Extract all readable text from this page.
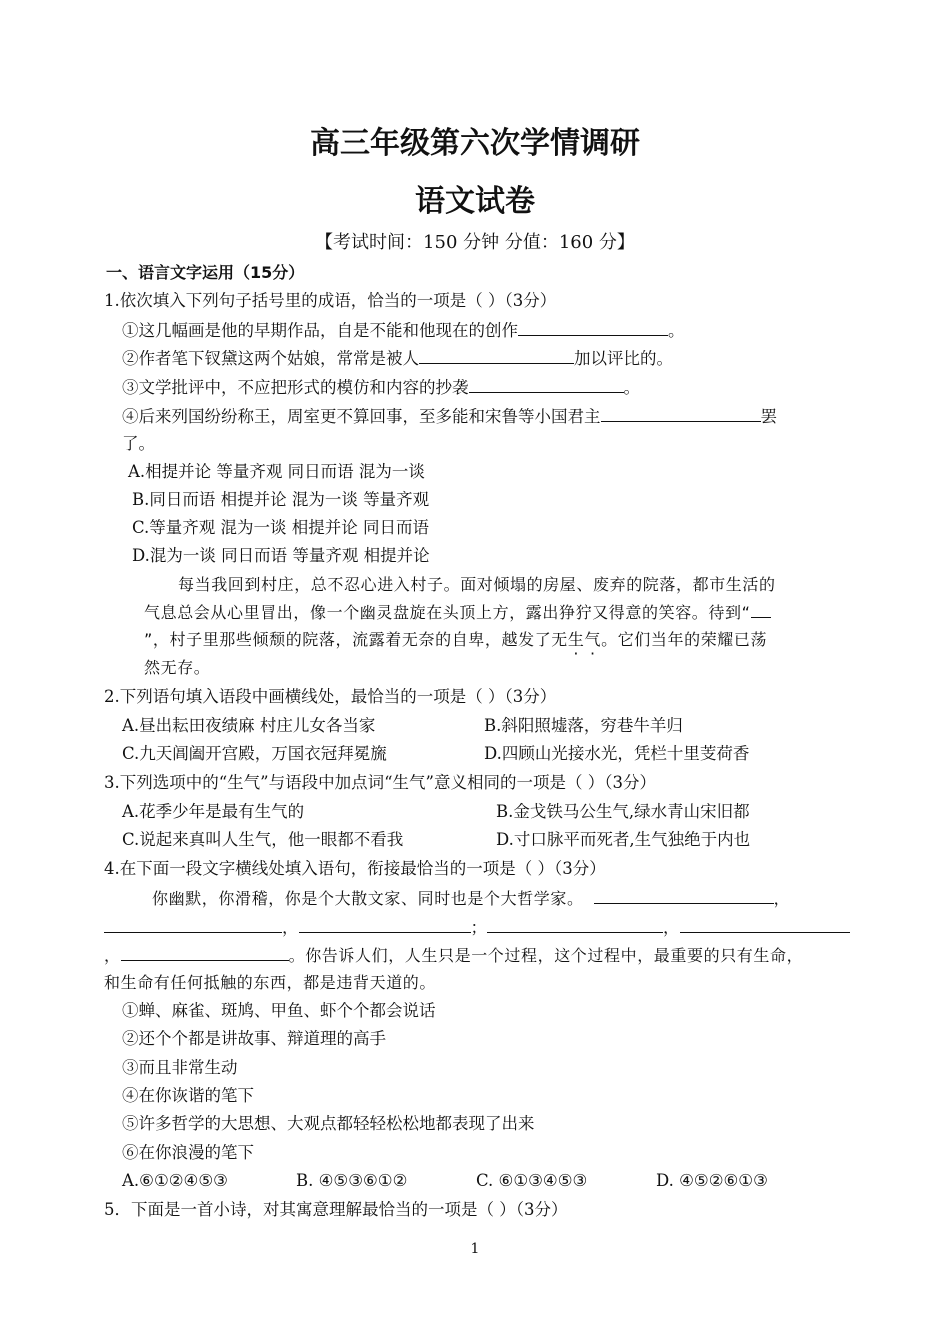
高三年级第六次学情调研
语文试卷
【考试时间：150 分钟 分值：160 分】
一、语言文字运用（15分）
1.依次填入下列句子括号里的成语，恰当的一项是（ ）（3分）
①这几幅画是他的早期作品，自是不能和他现在的创作	。
②作者笔下钗黛这两个姑娘，常常是被人	加以评比的。
③文学批评中，不应把形式的模仿和内容的抄袭	。
④后来列国纷纷称王，周室更不算回事，至多能和宋鲁等小国君主	罢
了。
A.相提并论 等量齐观 同日而语 混为一谈
B.同日而语 相提并论 混为一谈 等量齐观
C.等量齐观 混为一谈 相提并论 同日而语
D.混为一谈 同日而语 等量齐观 相提并论
每当我回到村庄，总不忍心进入村子。面对倾塌的房屋、废弃的院落，都市生活的
气息总会从心里冒出，像一个幽灵盘旋在头顶上方，露出狰狞又得意的笑容。待到“
”，村子里那些倾颓的院落，流露着无奈的自卑，越发了无生气。它们当年的荣耀已荡
然无存。
2.下列语句填入语段中画横线处，最恰当的一项是（ ）（3分）
A.昼出耘田夜绩麻 村庄儿女各当家	B.斜阳照墟落，穷巷牛羊归
C.九天阊阖开宫殿，万国衣冠拜冕旒	D.四顾山光接水光，凭栏十里芰荷香
3.下列选项中的“生气”与语段中加点词“生气”意义相同的一项是（ ）（3分）
A.花季少年是最有生气的	B.金戈铁马公生气,绿水青山宋旧都
C.说起来真叫人生气，他一眼都不看我	D.寸口脉平而死者,生气独绝于内也
4.在下面一段文字横线处填入语句，衔接最恰当的一项是（ ）（3分）
你幽默，你滑稽，你是个大散文家、同时也是个大哲学家。	，
，	；	，
，	。你告诉人们，人生只是一个过程，这个过程中，最重要的只有生命，
和生命有任何抵触的东西，都是违背天道的。
①蝉、麻雀、斑鸠、甲鱼、虾个个都会说话
②还个个都是讲故事、辩道理的高手
③而且非常生动
④在你诙谐的笔下
⑤许多哲学的大思想、大观点都轻轻松松地都表现了出来
⑥在你浪漫的笔下
A.⑥①②④⑤③	B. ④⑤③⑥①②	C. ⑥①③④⑤③	D. ④⑤②⑥①③
5．下面是一首小诗，对其寓意理解最恰当的一项是（ ）（3分）
1
